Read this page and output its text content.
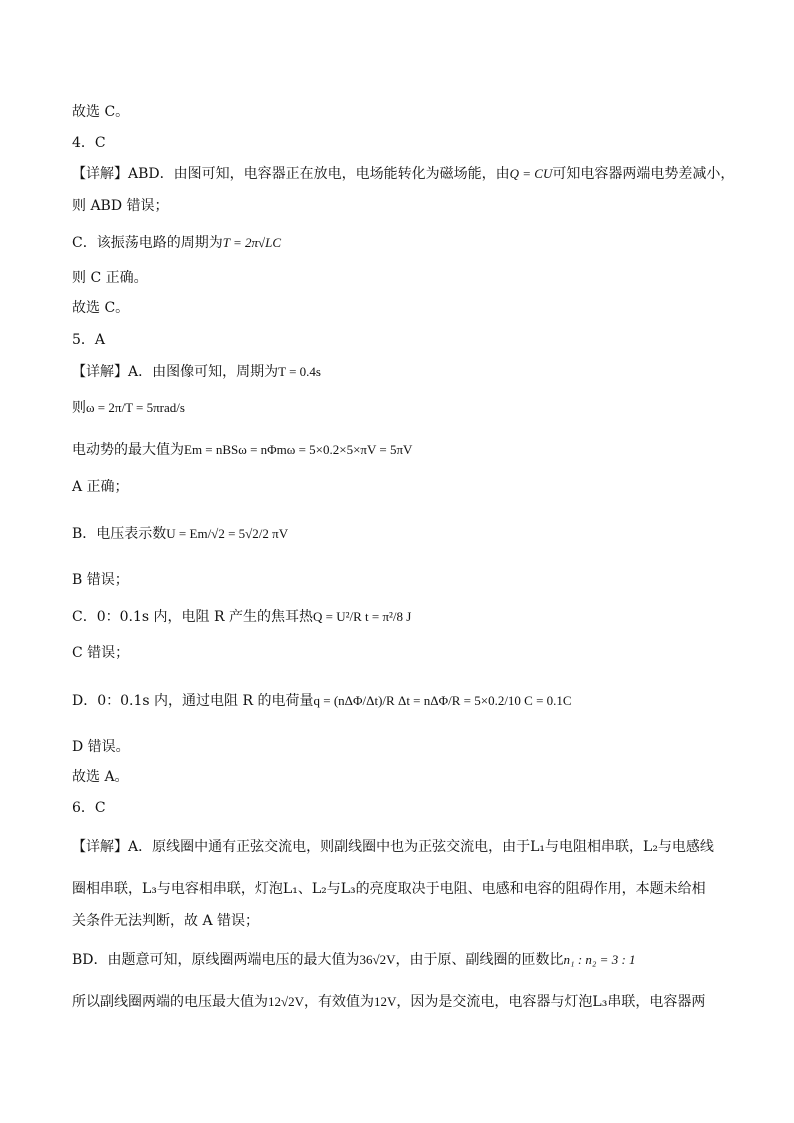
故选 C。
4．C
【详解】ABD．由图可知，电容器正在放电，电场能转化为磁场能，由Q = CU可知电容器两端电势差减小，
则 ABD 错误；
C．该振荡电路的周期为T = 2π√LC
则 C 正确。
故选 C。
5．A
【详解】A．由图像可知，周期为T = 0.4s
则ω = 2π/T = 5πrad/s
电动势的最大值为Em = nBSω = nΦmω = 5×0.2×5×πV = 5πV
A 正确；
B．电压表示数U = Em/√2 = 5√2/2 πV
B 错误；
C．0：0.1s 内，电阻 R 产生的焦耳热Q = U²/R t = π²/8 J
C 错误；
D．0：0.1s 内，通过电阻 R 的电荷量q = (nΔΦ/Δt)/R Δt = nΔΦ/R = 5×0.2/10 C = 0.1C
D 错误。
故选 A。
6．C
【详解】A．原线圈中通有正弦交流电，则副线圈中也为正弦交流电，由于L₁与电阻相串联，L₂与电感线
圈相串联，L₃与电容相串联，灯泡L₁、L₂与L₃的亮度取决于电阻、电感和电容的阻碍作用，本题未给相
关条件无法判断，故 A 错误；
BD．由题意可知，原线圈两端电压的最大值为36√2V，由于原、副线圈的匝数比n₁ : n₂ = 3 : 1
所以副线圈两端的电压最大值为12√2V，有效值为12V，因为是交流电，电容器与灯泡L₃串联，电容器两
